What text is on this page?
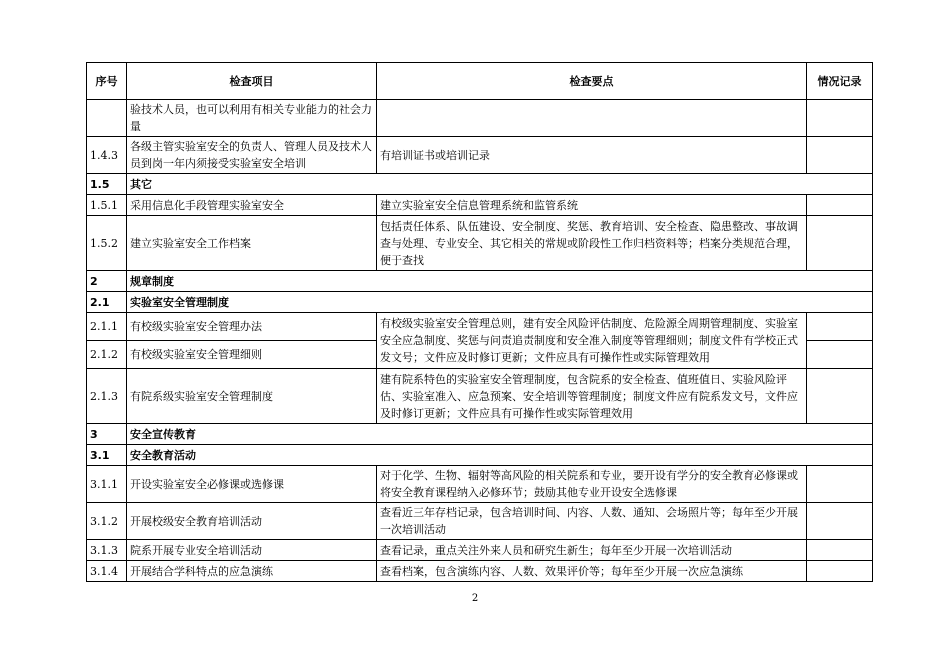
序号	检查项目	检查要点	情况记录
	验技术人员，也可以利用有相关专业能力的社会力量		
1.4.3	各级主管实验室安全的负责人、管理人员及技术人员到岗一年内须接受实验室安全培训	有培训证书或培训记录	
1.5	其它		
1.5.1	采用信息化手段管理实验室安全	建立实验室安全信息管理系统和监管系统	
1.5.2	建立实验室安全工作档案	包括责任体系、队伍建设、安全制度、奖惩、教育培训、安全检查、隐患整改、事故调查与处理、专业安全、其它相关的常规或阶段性工作归档资料等；档案分类规范合理，便于查找	
2	规章制度		
2.1	实验室安全管理制度		
2.1.1	有校级实验室安全管理办法	有校级实验室安全管理总则，建有安全风险评估制度、危险源全周期管理制度、实验室安全应急制度、奖惩与问责追责制度和安全准入制度等管理细则；制度文件有学校正式发文号；文件应及时修订更新；文件应具有可操作性或实际管理效用	
2.1.2	有校级实验室安全管理细则		
2.1.3	有院系级实验室安全管理制度	建有院系特色的实验室安全管理制度，包含院系的安全检查、值班值日、实验风险评估、实验室准入、应急预案、安全培训等管理制度；制度文件应有院系发文号，文件应及时修订更新；文件应具有可操作性或实际管理效用	
3	安全宣传教育		
3.1	安全教育活动		
3.1.1	开设实验室安全必修课或选修课	对于化学、生物、辐射等高风险的相关院系和专业，要开设有学分的安全教育必修课或将安全教育课程纳入必修环节；鼓励其他专业开设安全选修课	
3.1.2	开展校级安全教育培训活动	查看近三年存档记录，包含培训时间、内容、人数、通知、会场照片等；每年至少开展一次培训活动	
3.1.3	院系开展专业安全培训活动	查看记录，重点关注外来人员和研究生新生；每年至少开展一次培训活动	
3.1.4	开展结合学科特点的应急演练	查看档案，包含演练内容、人数、效果评价等；每年至少开展一次应急演练	
2
